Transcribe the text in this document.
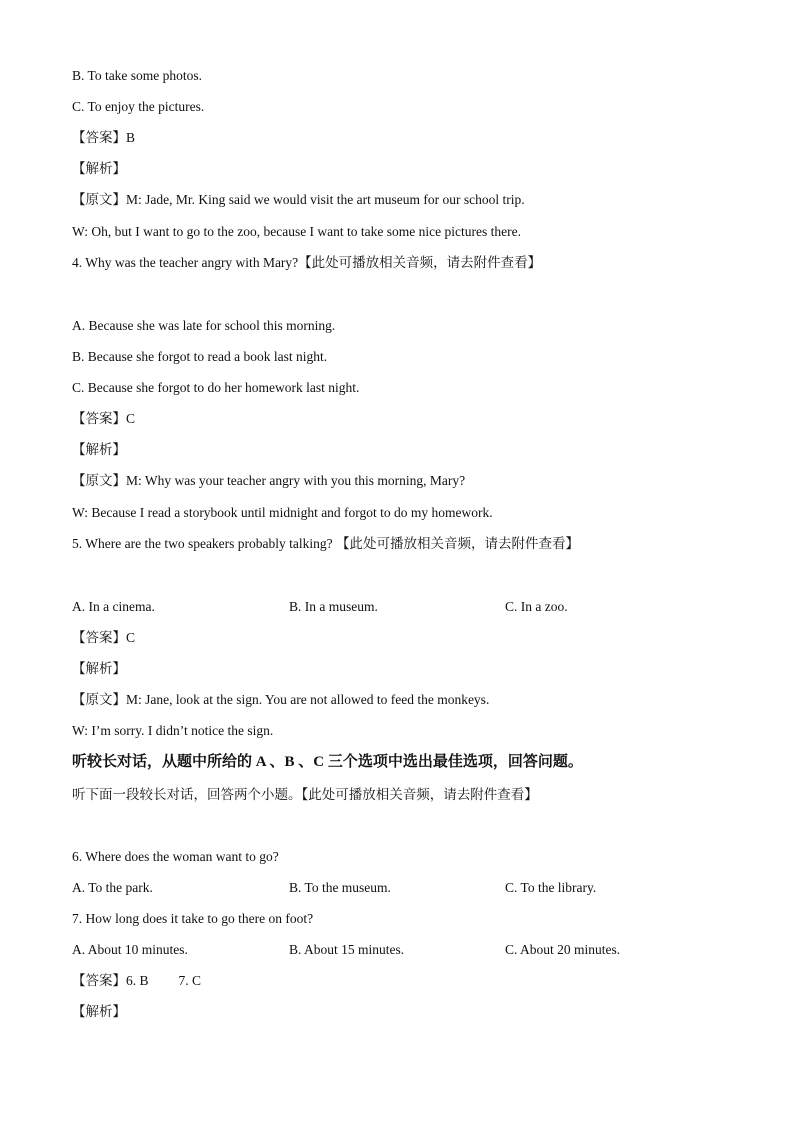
B. To take some photos.
C. To enjoy the pictures.
【答案】B
【解析】
【原文】M: Jade, Mr. King said we would visit the art museum for our school trip.
W: Oh, but I want to go to the zoo, because I want to take some nice pictures there.
4. Why was the teacher angry with Mary?【此处可播放相关音频，请去附件查看】
A. Because she was late for school this morning.
B. Because she forgot to read a book last night.
C. Because she forgot to do her homework last night.
【答案】C
【解析】
【原文】M: Why was your teacher angry with you this morning, Mary?
W: Because I read a storybook until midnight and forgot to do my homework.
5. Where are the two speakers probably talking? 【此处可播放相关音频，请去附件查看】
A. In a cinema.	B. In a museum.	C. In a zoo.
【答案】C
【解析】
【原文】M: Jane, look at the sign. You are not allowed to feed the monkeys.
W: I’m sorry. I didn’t notice the sign.
听较长对话，从题中所给的 A 、B 、C 三个选项中选出最佳选项，回答问题。
听下面一段较长对话，回答两个小题。【此处可播放相关音频，请去附件查看】
6. Where does the woman want to go?
A. To the park.	B. To the museum.	C. To the library.
7. How long does it take to go there on foot?
A. About 10 minutes.	B. About 15 minutes.	C. About 20 minutes.
【答案】6. B 7. C
【解析】
